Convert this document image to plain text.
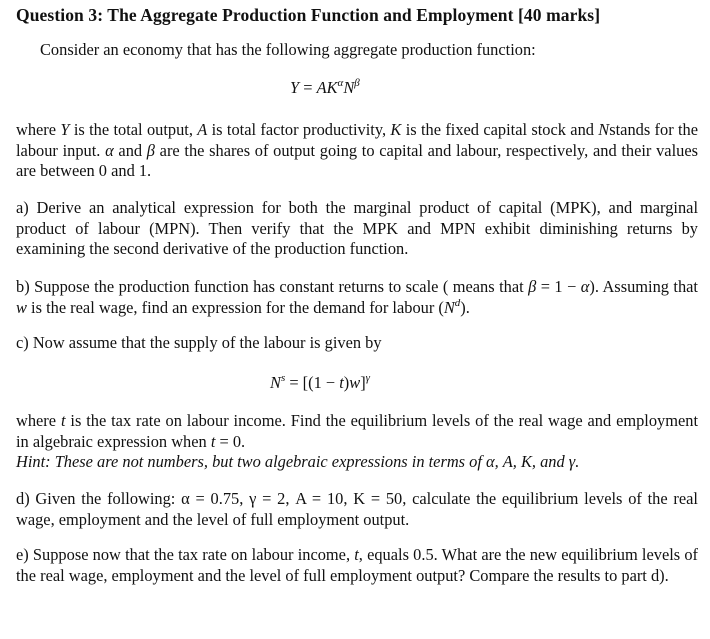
Question 3: The Aggregate Production Function and Employment [40 marks]
Consider an economy that has the following aggregate production function:
$Y = AK^\alpha N^\beta$
where Y is the total output, A is total factor productivity, K is the fixed capital stock and Nstands for the labour input. α and β are the shares of output going to capital and labour, respectively, and their values are between 0 and 1.
a) Derive an analytical expression for both the marginal product of capital (MPK), and marginal product of labour (MPN). Then verify that the MPK and MPN exhibit diminishing returns by examining the second derivative of the production function.
b) Suppose the production function has constant returns to scale ( means that β = 1 − α). Assuming that w is the real wage, find an expression for the demand for labour $(N^d)$.
c) Now assume that the supply of the labour is given by
$N^s = [(1 - t)w]^\gamma$
where t is the tax rate on labour income. Find the equilibrium levels of the real wage and employment in algebraic expression when t = 0.
Hint: These are not numbers, but two algebraic expressions in terms of α, A, K, and γ.
d) Given the following: α = 0.75, γ = 2, A = 10, K = 50, calculate the equilibrium levels of the real wage, employment and the level of full employment output.
e) Suppose now that the tax rate on labour income, t, equals 0.5. What are the new equilibrium levels of the real wage, employment and the level of full employment output? Compare the results to part d).
